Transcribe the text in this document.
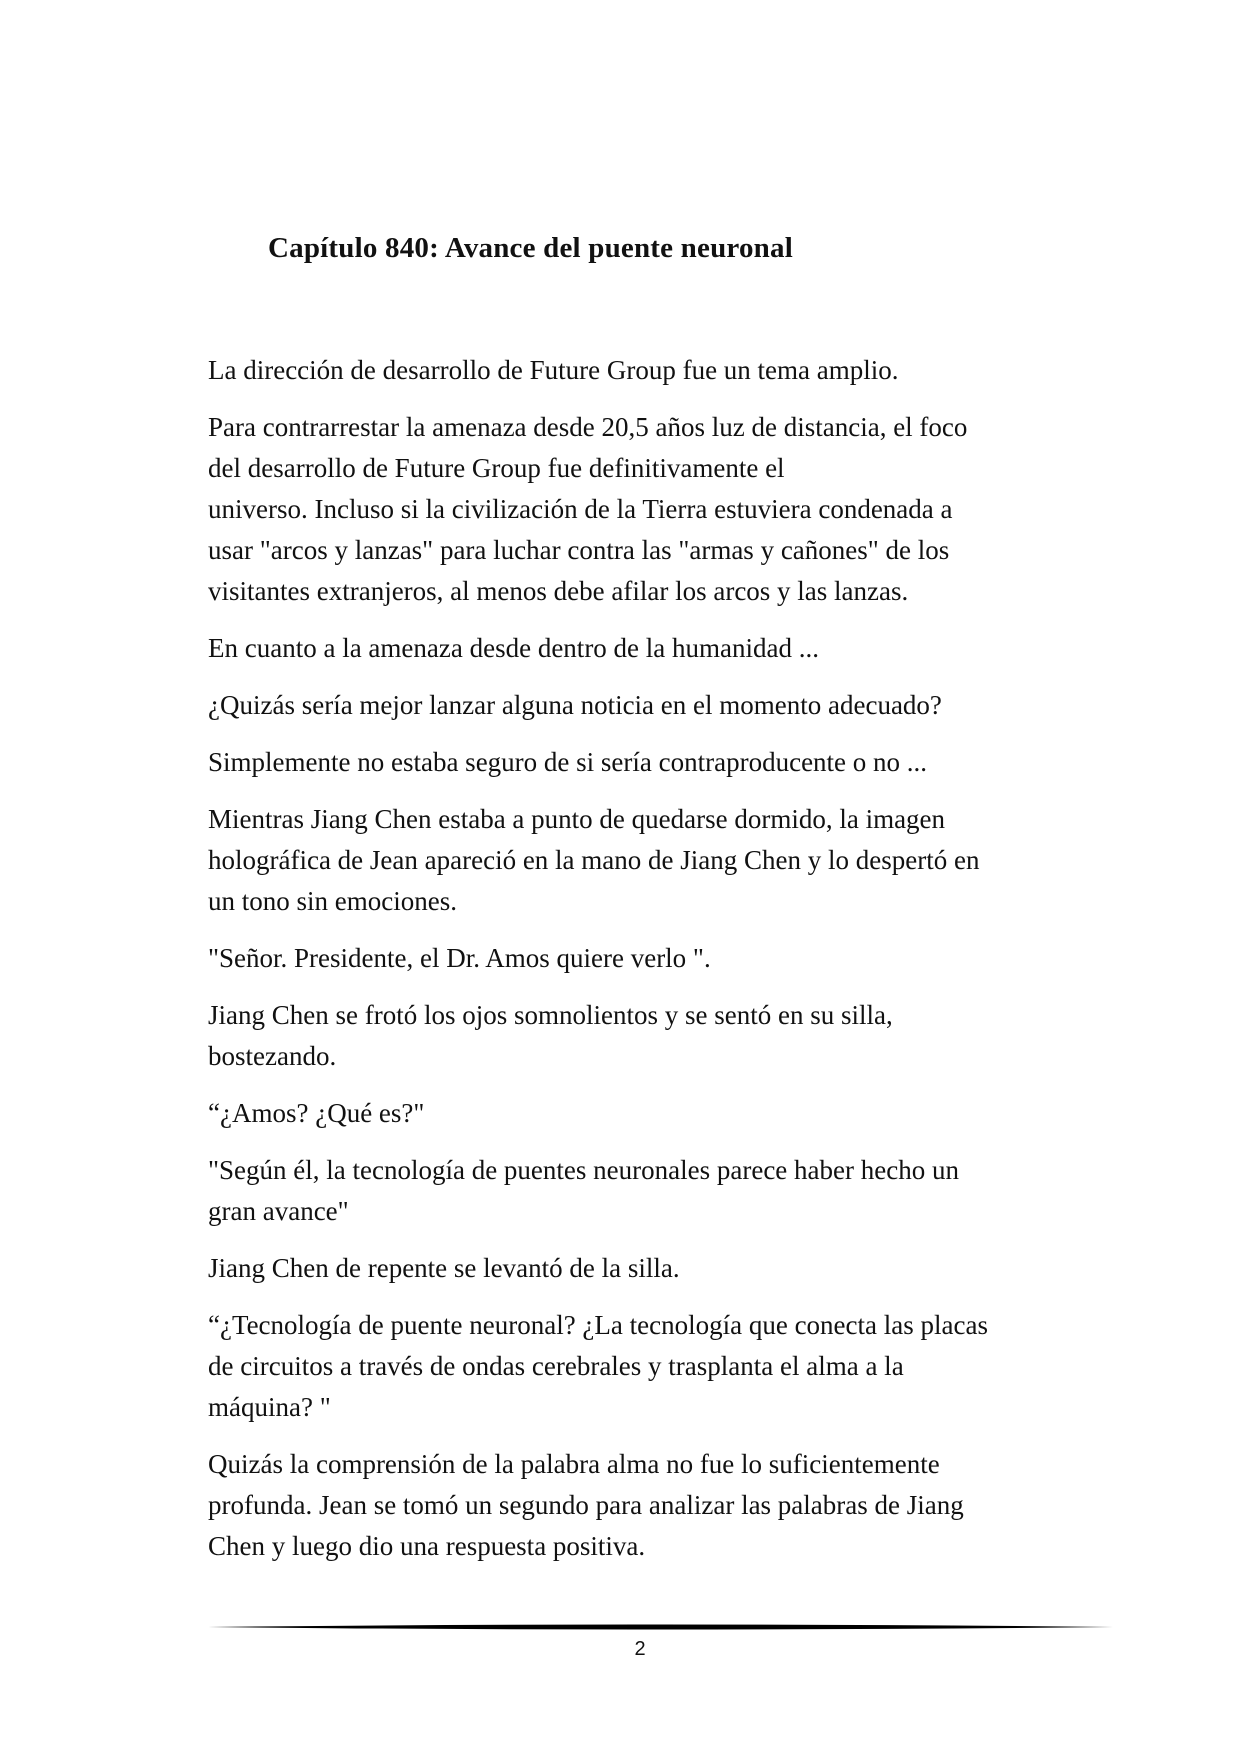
Capítulo 840: Avance del puente neuronal

La dirección de desarrollo de Future Group fue un tema amplio.

Para contrarrestar la amenaza desde 20,5 años luz de distancia, el foco
del desarrollo de Future Group fue definitivamente el
universo. Incluso si la civilización de la Tierra estuviera condenada a
usar "arcos y lanzas" para luchar contra las "armas y cañones" de los
visitantes extranjeros, al menos debe afilar los arcos y las lanzas.

En cuanto a la amenaza desde dentro de la humanidad ...

¿Quizás sería mejor lanzar alguna noticia en el momento adecuado?

Simplemente no estaba seguro de si sería contraproducente o no ...

Mientras Jiang Chen estaba a punto de quedarse dormido, la imagen
holográfica de Jean apareció en la mano de Jiang Chen y lo despertó en
un tono sin emociones.

"Señor. Presidente, el Dr. Amos quiere verlo ".

Jiang Chen se frotó los ojos somnolientos y se sentó en su silla,
bostezando.

“¿Amos? ¿Qué es?"

"Según él, la tecnología de puentes neuronales parece haber hecho un
gran avance"

Jiang Chen de repente se levantó de la silla.

“¿Tecnología de puente neuronal? ¿La tecnología que conecta las placas
de circuitos a través de ondas cerebrales y trasplanta el alma a la
máquina? "

Quizás la comprensión de la palabra alma no fue lo suficientemente
profunda. Jean se tomó un segundo para analizar las palabras de Jiang
Chen y luego dio una respuesta positiva.

2
